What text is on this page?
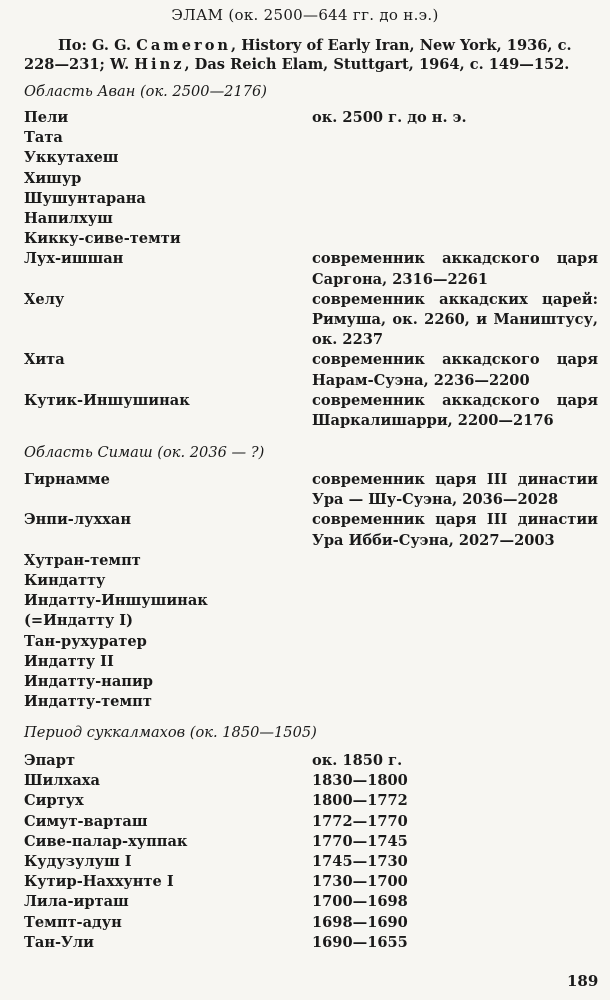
ЭЛАМ (ок. 2500—644 гг. до н.э.)
По: G. G. Cameron, History of Early Iran, New York, 1936, с. 228—231; W. Hinz, Das Reich Elam, Stuttgart, 1964, с. 149—152.
Область Аван (ок. 2500—2176)
Пели	ок. 2500 г. до н. э.
Тата
Уккутахеш
Хишур
Шушунтарана
Напилхуш
Кикку-сиве-темти
Лух-ишшан	современник аккадского царя Саргона, 2316—2261
Хелу	современник аккадских царей: Римуша, ок. 2260, и Маништусу, ок. 2237
Хита	современник аккадского царя Нарам-Суэна, 2236—2200
Кутик-Иншушинак	современник аккадского царя Шаркалишарри, 2200—2176
Область Симаш (ок. 2036 — ?)
Гирнамме	современник царя III династии Ура — Шу-Суэна, 2036—2028
Энпи-луххан	современник царя III династии Ура Ибби-Суэна, 2027—2003
Хутран-темпт
Киндатту
Индатту-Иншушинак (=Индатту I)
Тан-рухуратер
Индатту II
Индатту-напир
Индатту-темпт
Период суккалмахов (ок. 1850—1505)
Эпарт	ок. 1850 г.
Шилхаха	1830—1800
Сиртух	1800—1772
Симут-варташ	1772—1770
Сиве-палар-хуппак	1770—1745
Кудузулуш I	1745—1730
Кутир-Наххунте I	1730—1700
Лила-ирташ	1700—1698
Темпт-адун	1698—1690
Тан-Ули	1690—1655
189
